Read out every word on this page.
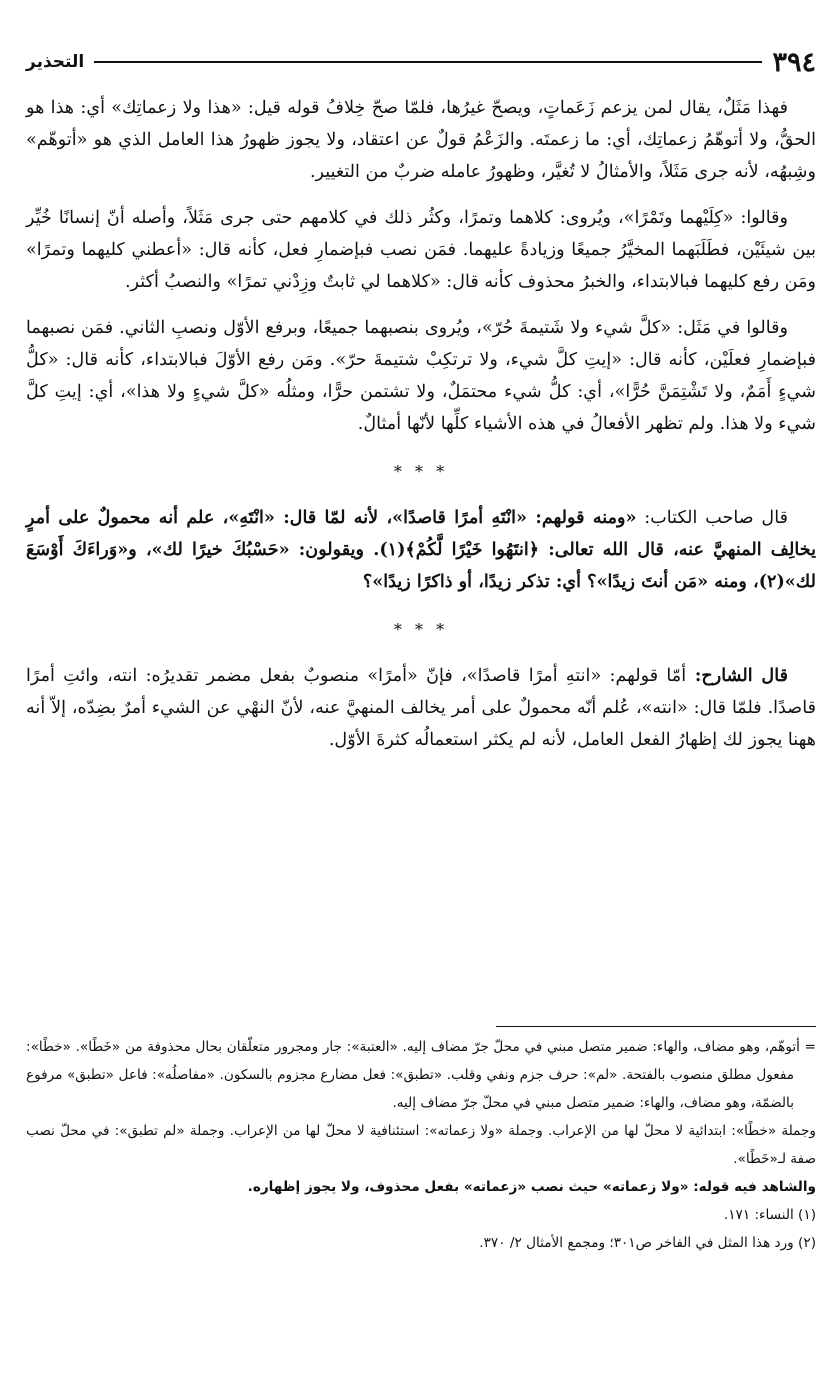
٣٩٤
التحذير

فهذا مَثَلٌ، يقال لمن يزعم زَعَماتٍ، ويصحّ غيرُها، فلمّا صحّ خِلافُ قوله قيل: «هذا ولا زعماتِك» أي: هذا هو الحقُّ، ولا أتوهّمُ زعماتِك، أي: ما زعمتَه. والزَعْمُ قولٌ عن اعتقاد، ولا يجوز ظهورُ هذا العامل الذي هو «أتوهّم» وشِبهُه، لأنه جرى مَثَلاً، والأمثالُ لا تُغيَّر، وظهورُ عامله ضربٌ من التغيير.

وقالوا: «كِلَيْهما وتَمْرًا»، ويُروى: كلاهما وتمرًا، وكثُر ذلك في كلامهم حتى جرى مَثَلاً، وأصله أنّ إنسانًا خُيِّر بين شيئَيْن، فطَلَبَهما المخيَّرُ جميعًا وزيادةً عليهما. فمَن نصب فبإضمارِ فعل، كأنه قال: «أعطني كليهما وتمرًا» ومَن رفع كليهما فبالابتداء، والخبرُ محذوف كأنه قال: «كلاهما لي ثابتٌ وزِدْني تمرًا» والنصبُ أكثر.

وقالوا في مَثَل: «كلَّ شيء ولا شَتيمةَ حُرّ»، ويُروى بنصبهما جميعًا، وبرفع الأوّل ونصبِ الثاني. فمَن نصبهما فبإضمارِ فعلَيْن، كأنه قال: «إيتِ كلَّ شيء، ولا ترتكِبْ شتيمةَ حرّ». ومَن رفع الأوّلَ فبالابتداء، كأنه قال: «كلُّ شيءٍ أَمَمٌ، ولا تَشْتِمَنَّ حُرًّا»، أي: كلُّ شيء محتمَلٌ، ولا تشتمن حرًّا، ومثلُه «كلَّ شيءٍ ولا هذا»، أي: إيتِ كلَّ شيء ولا هذا. ولم تظهر الأفعالُ في هذه الأشياء كلِّها لأنّها أمثالٌ.

* * *

قال صاحب الكتاب: «ومنه قولهم: «انْتَهِ أمرًا قاصدًا»، لأنه لمّا قال: «انْتَهِ»، علم أنه محمولٌ على أمرٍ يخالِف المنهيَّ عنه، قال الله تعالى: ﴿انتَهُوا خَيْرًا لَّكُمْ﴾(١). ويقولون: «حَسْبُكَ خيرًا لك»، و«وَراءَكَ أَوْسَعَ لك»(٢)، ومنه «مَن أنتَ زيدًا»؟ أي: تذكر زيدًا، أو ذاكرًا زيدًا»؟

* * *

قال الشارح: أمّا قولهم: «انتهِ أمرًا قاصدًا»، فإنّ «أمرًا» منصوبٌ بفعل مضمر تقديرُه: انته، وائتِ أمرًا قاصدًا. فلمّا قال: «انته»، عُلم أنّه محمولٌ على أمر يخالف المنهيَّ عنه، لأنّ النهْي عن الشيء أمرٌ بضِدّه، إلاّ أنه ههنا يجوز لك إظهارُ الفعل العامل، لأنه لم يكثر استعمالُه كثرةَ الأوّل.

= أتوهّم، وهو مضاف، والهاء: ضمير متصل مبني في محلّ جرّ مضاف إليه. «العتبة»: جار ومجرور متعلّقان بحال محذوفة من «خَطًا». «خطًا»: مفعول مطلق منصوب بالفتحة. «لم»: حرف جزم ونفي وقلب. «تطبق»: فعل مضارع مجزوم بالسكون. «مفاصلُه»: فاعل «تطبق» مرفوع بالضمّة، وهو مضاف، والهاء: ضمير متصل مبني في محلّ جرّ مضاف إليه.

وجملة «خطًا»: ابتدائية لا محلّ لها من الإعراب. وجملة «ولا زعماته»: استئنافية لا محلّ لها من الإعراب. وجملة «لم تطبق»: في محلّ نصب صفة لـ«خَطًا».

والشاهد فيه قوله: «ولا زعماته» حيث نصب «زعماته» بفعل محذوف، ولا يجوز إظهاره.

(١) النساء: ١٧١.

(٢) ورد هذا المثل في الفاخر ص٣٠١؛ ومجمع الأمثال ٢/ ٣٧٠.
